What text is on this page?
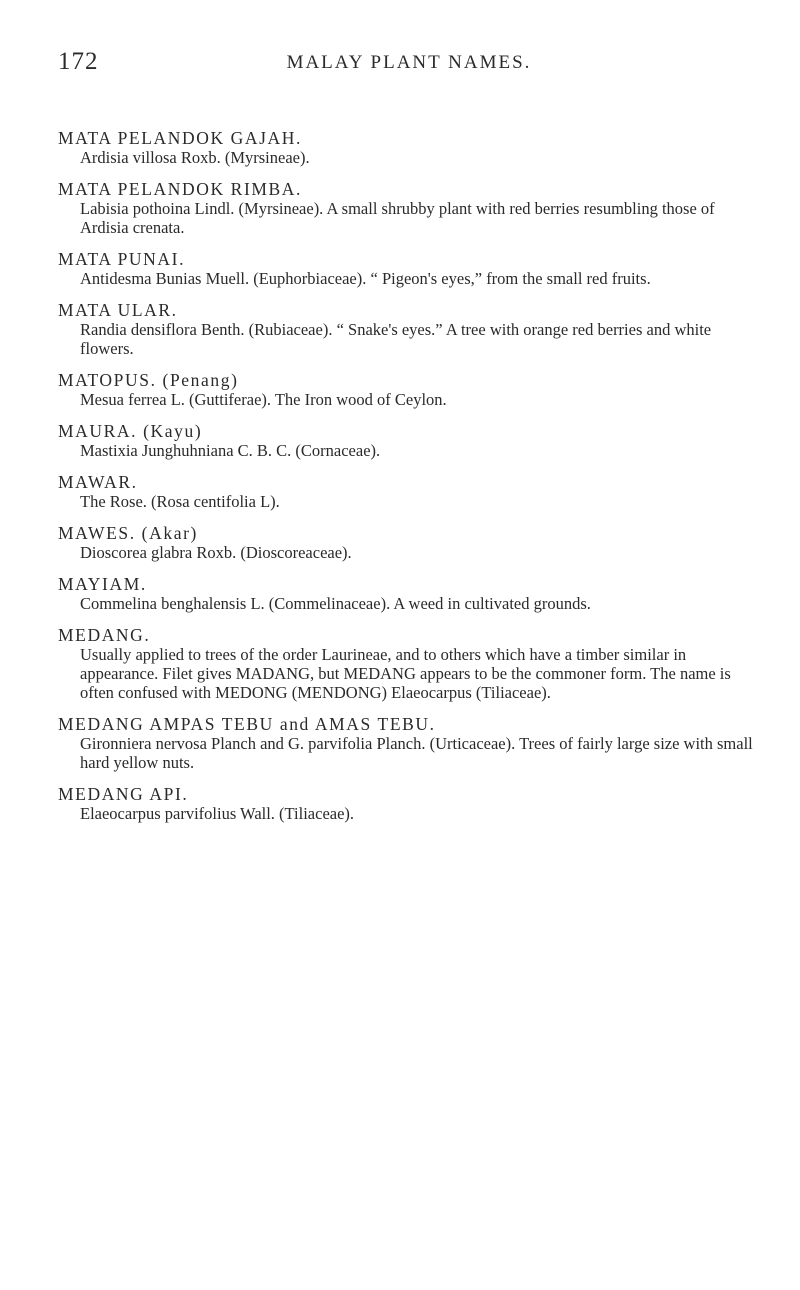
172	MALAY PLANT NAMES.
MATA PELANDOK GAJAH.

Ardisia villosa Roxb. (Myrsineae).

MATA PELANDOK RIMBA.

Labisia pothoina Lindl. (Myrsineae). A small shrubby plant with red berries resumbling those of Ardisia crenata.

MATA PUNAI.

Antidesma Bunias Muell. (Euphorbiaceae). “ Pigeon's eyes,” from the small red fruits.

MATA ULAR.

Randia densiflora Benth. (Rubiaceae). “ Snake's eyes.” A tree with orange red berries and white flowers.

MATOPUS. (Penang)

Mesua ferrea L. (Guttiferae). The Iron wood of Ceylon.

MAURA. (Kayu)

Mastixia Junghuhniana C. B. C. (Cornaceae).

MAWAR.

The Rose. (Rosa centifolia L).

MAWES. (Akar)

Dioscorea glabra Roxb. (Dioscoreaceae).

MAYIAM.

Commelina benghalensis L. (Commelinaceae). A weed in cultivated grounds.

MEDANG.

Usually applied to trees of the order Laurineae, and to others which have a timber similar in appearance. Filet gives MADANG, but MEDANG appears to be the commoner form. The name is often confused with MEDONG (MENDONG) Elaeocarpus (Tiliaceae).

MEDANG AMPAS TEBU and AMAS TEBU.

Gironniera nervosa Planch and G. parvifolia Planch. (Urticaceae). Trees of fairly large size with small hard yellow nuts.

MEDANG API.

Elaeocarpus parvifolius Wall. (Tiliaceae).
